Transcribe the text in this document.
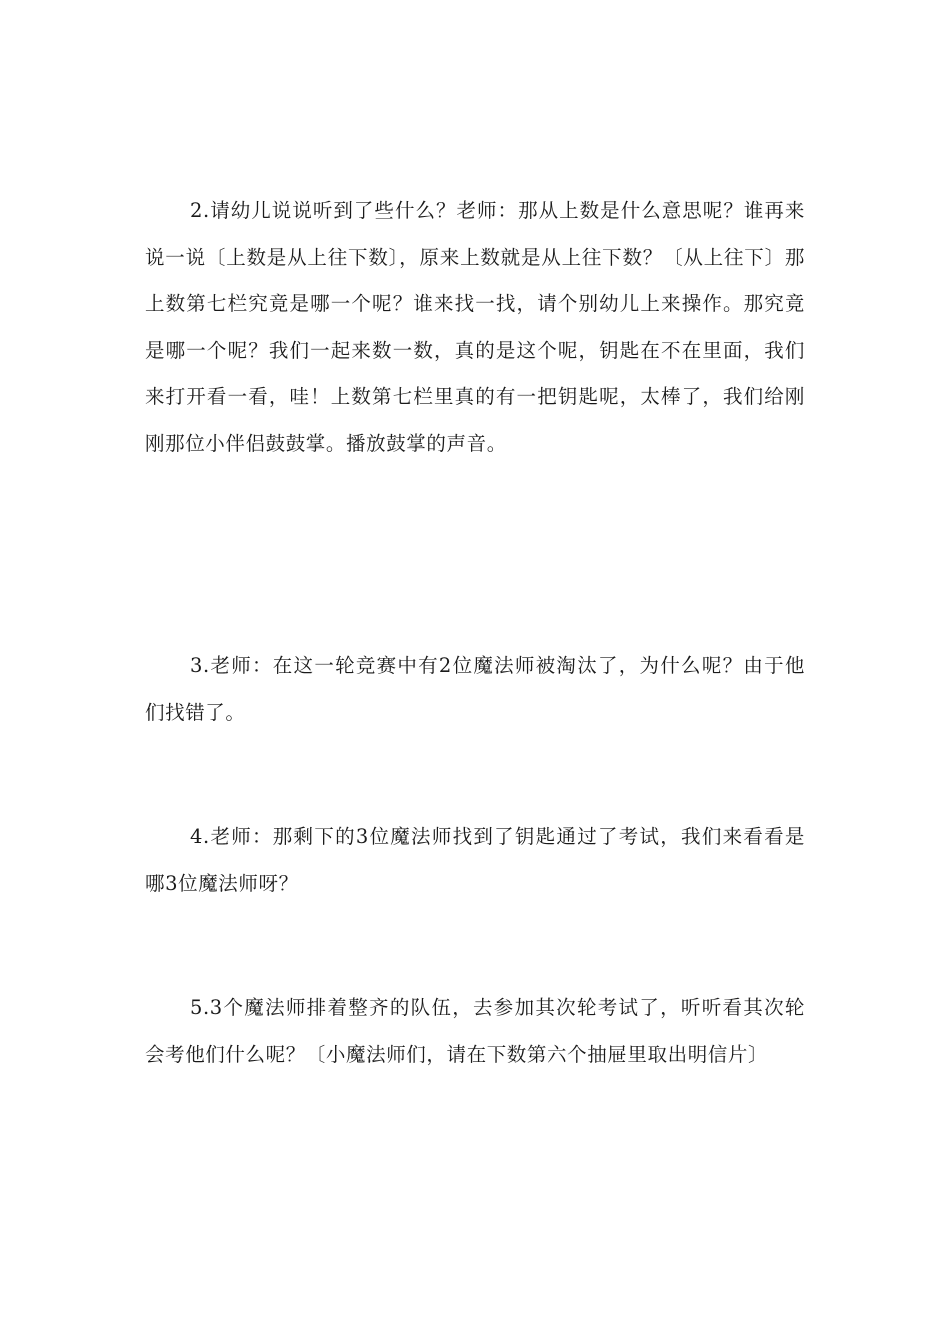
2.请幼儿说说听到了些什么？老师：那从上数是什么意思呢？谁再来说一说〔上数是从上往下数〕，原来上数就是从上往下数？〔从上往下〕那上数第七栏究竟是哪一个呢？谁来找一找，请个别幼儿上来操作。那究竟是哪一个呢？我们一起来数一数，真的是这个呢，钥匙在不在里面，我们来打开看一看，哇！上数第七栏里真的有一把钥匙呢，太棒了，我们给刚刚那位小伴侣鼓鼓掌。播放鼓掌的声音。

3.老师：在这一轮竞赛中有2位魔法师被淘汰了，为什么呢？由于他们找错了。

4.老师：那剩下的3位魔法师找到了钥匙通过了考试，我们来看看是哪3位魔法师呀？

5.3个魔法师排着整齐的队伍，去参加其次轮考试了，听听看其次轮会考他们什么呢？〔小魔法师们，请在下数第六个抽屉里取出明信片〕
